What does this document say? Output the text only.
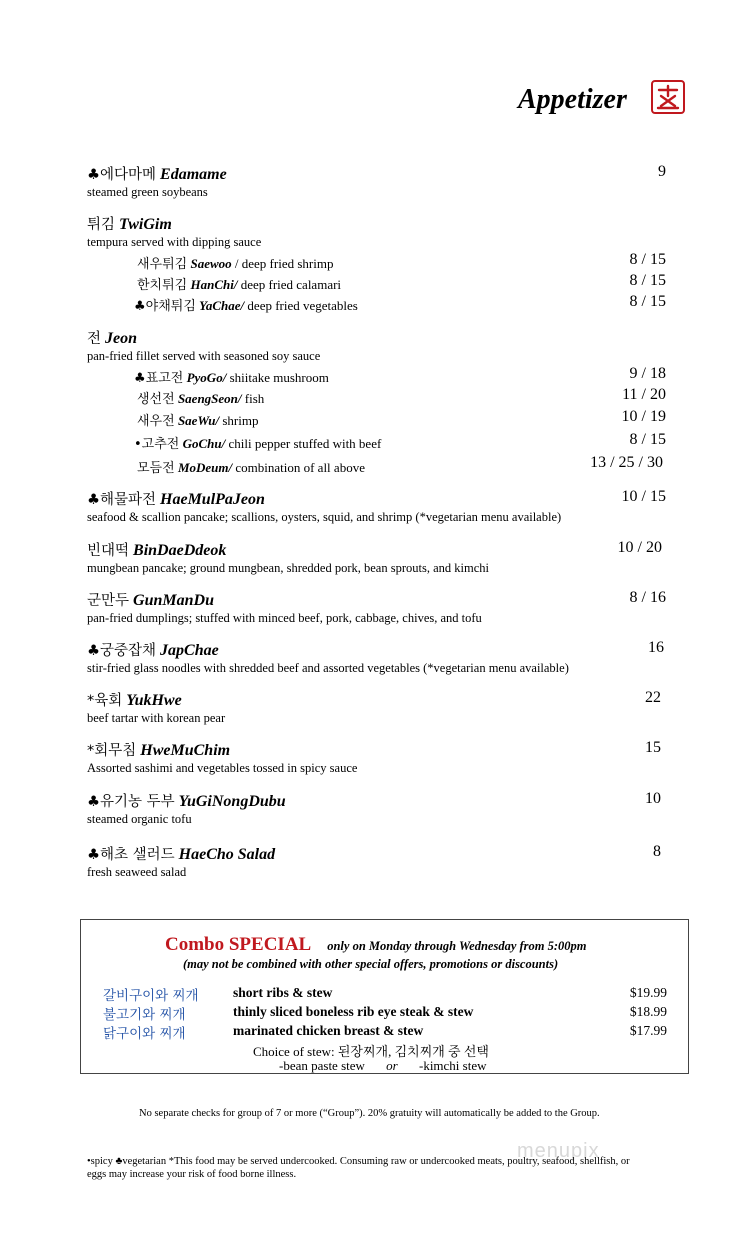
Appetizer
♣에다마메 Edamame
steamed green soybeans
9
튀김 TwiGim
tempura served with dipping sauce
새우튀김 Saewoo / deep fried shrimp	8 / 15
한치튀김 HanChi/ deep fried calamari	8 / 15
♣야채튀김 YaChae/ deep fried vegetables	8 / 15
전 Jeon
pan-fried fillet served with seasoned soy sauce
♣표고전 PyoGo/ shiitake mushroom	9 / 18
생선전 SaengSeon/ fish	11 / 20
새우전 SaeWu/ shrimp	10 / 19
•고추전 GoChu/ chili pepper stuffed with beef	8 / 15
모듬전 MoDeum/ combination of all above	13 / 25 / 30
♣해물파전 HaeMulPaJeon
seafood & scallion pancake; scallions, oysters, squid, and shrimp (*vegetarian menu available)
10 / 15
빈대떡 BinDaeDdeok
mungbean pancake; ground mungbean, shredded pork, bean sprouts, and kimchi
10 / 20
군만두 GunManDu
pan-fried dumplings; stuffed with minced beef, pork, cabbage, chives, and tofu
8 / 16
♣궁중잡채 JapChae
stir-fried glass noodles with shredded beef and assorted vegetables (*vegetarian menu available)
16
*육회 YukHwe
beef tartar with korean pear
22
*회무침 HweMuChim
Assorted sashimi and vegetables tossed in spicy sauce
15
♣유기농 두부 YuGiNongDubu
steamed organic tofu
10
♣해초 샐러드 HaeCho Salad
fresh seaweed salad
8
Combo SPECIAL only on Monday through Wednesday from 5:00pm
(may not be combined with other special offers, promotions or discounts)
갈비구이와 찌개	short ribs & stew	$19.99
불고기와 찌개	thinly sliced boneless rib eye steak & stew	$18.99
닭구이와 찌개	marinated chicken breast & stew	$17.99
Choice of stew: 된장찌개, 김치찌개 중 선택
-bean paste stew or -kimchi stew
No separate checks for group of 7 or more (“Group”). 20% gratuity will automatically be added to the Group.
menupix
•spicy ♣vegetarian *This food may be served undercooked. Consuming raw or undercooked meats, poultry, seafood, shellfish, or
eggs may increase your risk of food borne illness.
